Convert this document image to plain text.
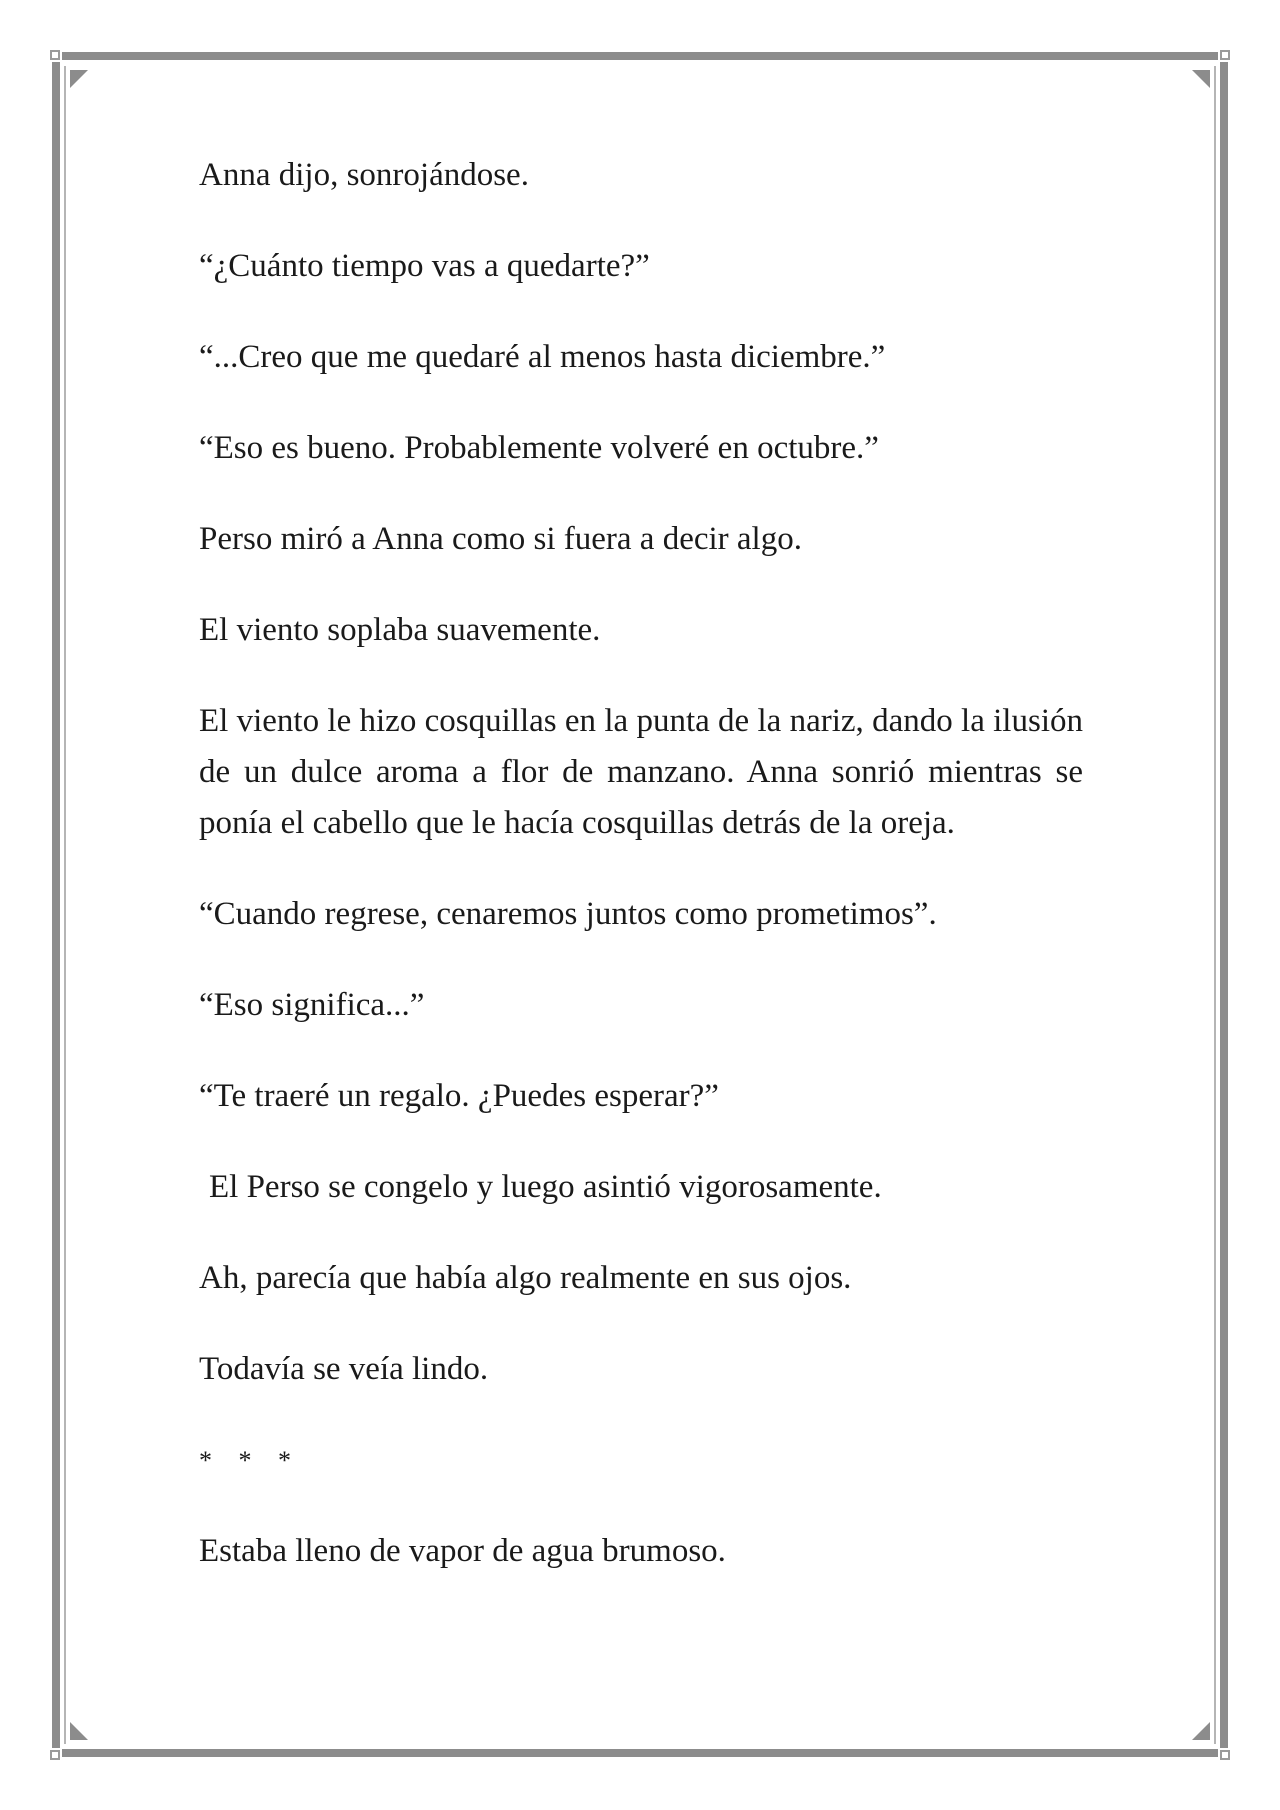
Anna dijo, sonrojándose.

“¿Cuánto tiempo vas a quedarte?”

“...Creo que me quedaré al menos hasta diciembre.”

“Eso es bueno. Probablemente volveré en octubre.”

Perso miró a Anna como si fuera a decir algo.

El viento soplaba suavemente.

El viento le hizo cosquillas en la punta de la nariz, dando la ilusión de un dulce aroma a flor de manzano. Anna sonrió mientras se ponía el cabello que le hacía cosquillas detrás de la oreja.

“Cuando regrese, cenaremos juntos como prometimos”.

“Eso significa...”

“Te traeré un regalo. ¿Puedes esperar?”

El Perso se congelo y luego asintió vigorosamente.

Ah, parecía que había algo realmente en sus ojos.

Todavía se veía lindo.

* * *

Estaba lleno de vapor de agua brumoso.
